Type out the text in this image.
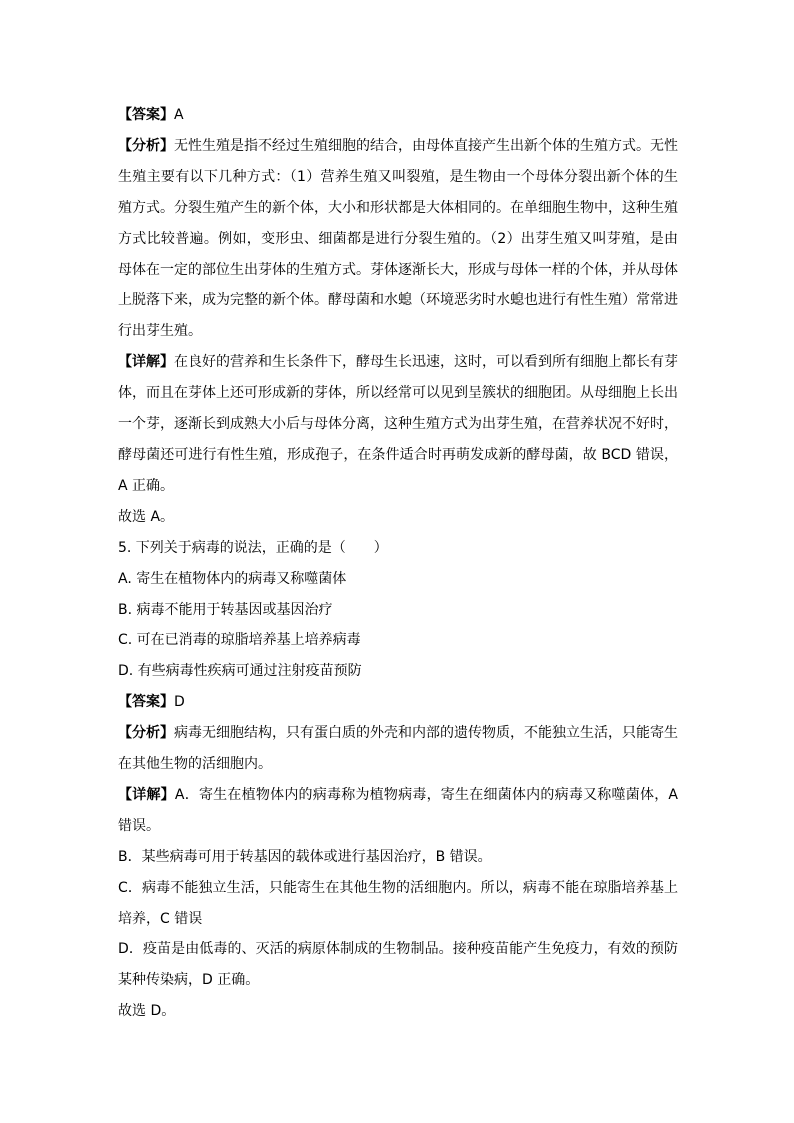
【答案】A

【分析】无性生殖是指不经过生殖细胞的结合，由母体直接产生出新个体的生殖方式。无性生殖主要有以下几种方式：（1）营养生殖又叫裂殖，是生物由一个母体分裂出新个体的生殖方式。分裂生殖产生的新个体，大小和形状都是大体相同的。在单细胞生物中，这种生殖方式比较普遍。例如，变形虫、细菌都是进行分裂生殖的。（2）出芽生殖又叫芽殖，是由母体在一定的部位生出芽体的生殖方式。芽体逐渐长大，形成与母体一样的个体，并从母体上脱落下来，成为完整的新个体。酵母菌和水螅（环境恶劣时水螅也进行有性生殖）常常进行出芽生殖。

【详解】在良好的营养和生长条件下，酵母生长迅速，这时，可以看到所有细胞上都长有芽体，而且在芽体上还可形成新的芽体，所以经常可以见到呈簇状的细胞团。从母细胞上长出一个芽，逐渐长到成熟大小后与母体分离，这种生殖方式为出芽生殖，在营养状况不好时，酵母菌还可进行有性生殖，形成孢子，在条件适合时再萌发成新的酵母菌，故 BCD 错误，A 正确。

故选 A。

5. 下列关于病毒的说法，正确的是（　　）

A. 寄生在植物体内的病毒又称噬菌体

B. 病毒不能用于转基因或基因治疗

C. 可在已消毒的琼脂培养基上培养病毒

D. 有些病毒性疾病可通过注射疫苗预防

【答案】D

【分析】病毒无细胞结构，只有蛋白质的外壳和内部的遗传物质，不能独立生活，只能寄生在其他生物的活细胞内。

【详解】A．寄生在植物体内的病毒称为植物病毒，寄生在细菌体内的病毒又称噬菌体，A 错误。

B．某些病毒可用于转基因的载体或进行基因治疗，B 错误。

C．病毒不能独立生活，只能寄生在其他生物的活细胞内。所以，病毒不能在琼脂培养基上培养，C 错误

D．疫苗是由低毒的、灭活的病原体制成的生物制品。接种疫苗能产生免疫力，有效的预防某种传染病，D 正确。

故选 D。
